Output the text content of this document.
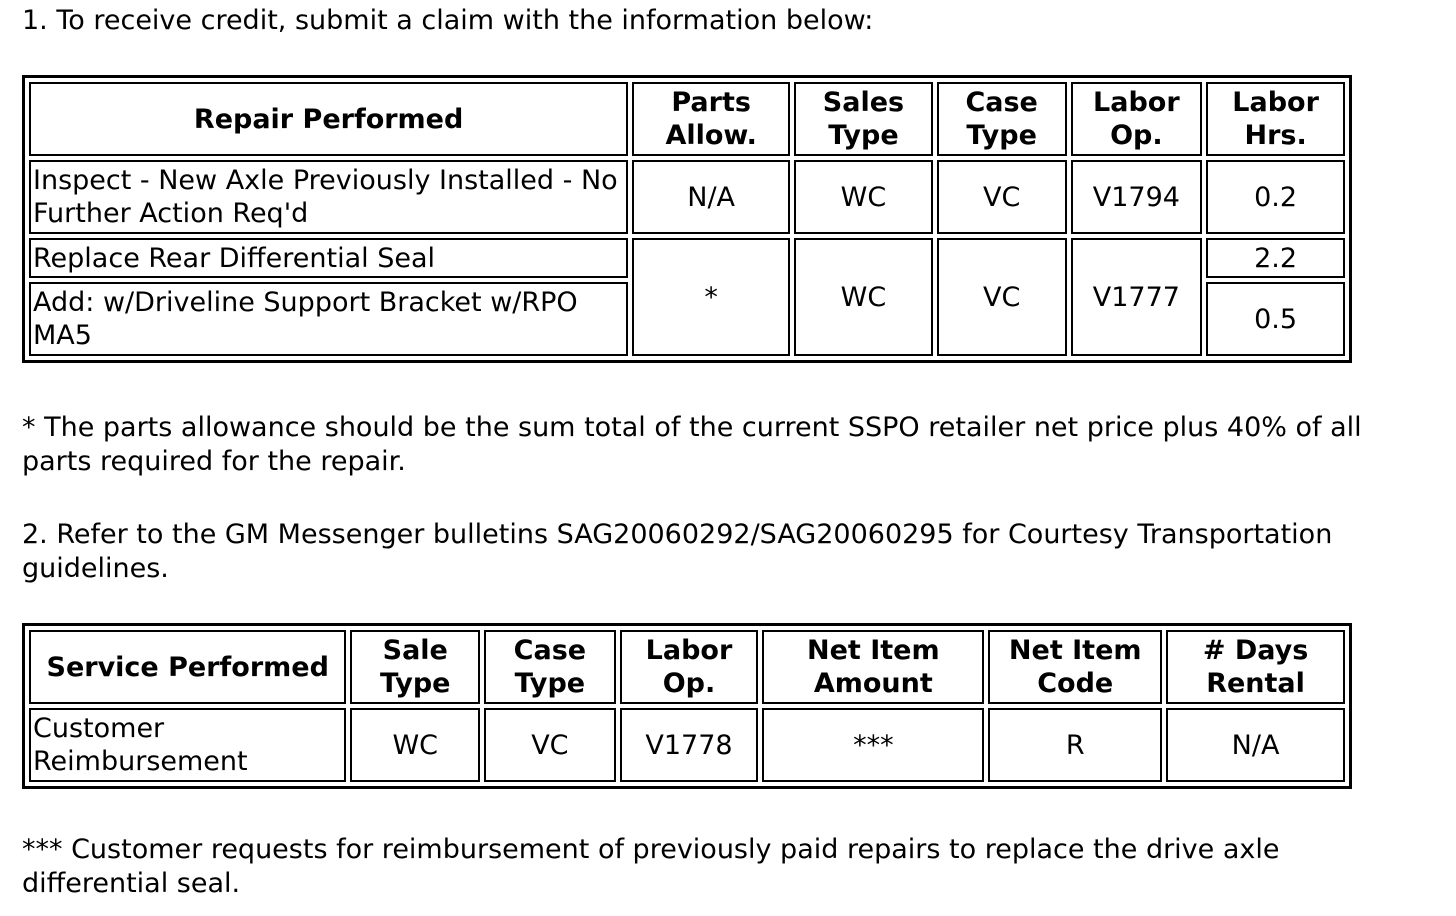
1. To receive credit, submit a claim with the information below:

Repair Performed	Parts Allow.	Sales Type	Case Type	Labor Op.	Labor Hrs.
Inspect - New Axle Previously Installed - No Further Action Req'd	N/A	WC	VC	V1794	0.2
Replace Rear Differential Seal	*	WC	VC	V1777	2.2
Add: w/Driveline Support Bracket w/RPO MA5					0.5

* The parts allowance should be the sum total of the current SSPO retailer net price plus 40% of all parts required for the repair.

2. Refer to the GM Messenger bulletins SAG20060292/SAG20060295 for Courtesy Transportation guidelines.

Service Performed	Sale Type	Case Type	Labor Op.	Net Item Amount	Net Item Code	# Days Rental
Customer Reimbursement	WC	VC	V1778	***	R	N/A

*** Customer requests for reimbursement of previously paid repairs to replace the drive axle differential seal.
